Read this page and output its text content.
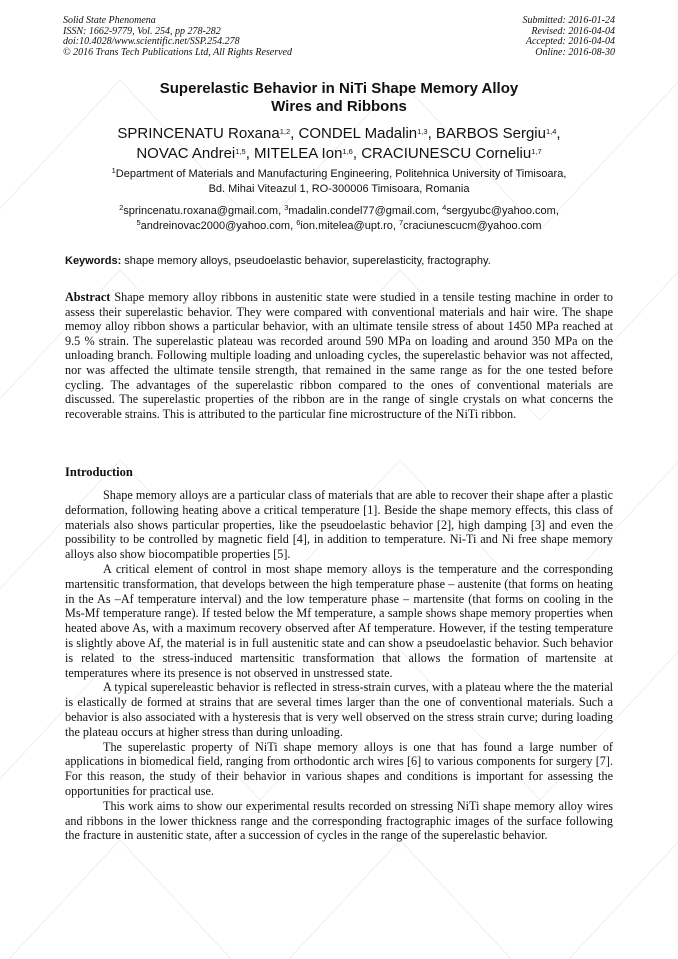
Solid State Phenomena
ISSN: 1662-9779, Vol. 254, pp 278-282
doi:10.4028/www.scientific.net/SSP.254.278
© 2016 Trans Tech Publications Ltd, All Rights Reserved
Submitted: 2016-01-24
Revised: 2016-04-04
Accepted: 2016-04-04
Online: 2016-08-30
Superelastic Behavior in NiTi Shape Memory Alloy
Wires and Ribbons
SPRINCENATU Roxana$^{1,2}$, CONDEL Madalin$^{1,3}$, BARBOS Sergiu$^{1,4}$,
NOVAC Andrei$^{1,5}$, MITELEA Ion$^{1,6}$, CRACIUNESCU Corneliu$^{1,7}$
$^1$Department of Materials and Manufacturing Engineering, Politehnica University of Timisoara,
Bd. Mihai Viteazul 1, RO-300006 Timisoara, Romania
$^2$sprincenatu.roxana@gmail.com, $^3$madalin.condel77@gmail.com, $^4$sergyubc@yahoo.com,
$^5$andreinovac2000@yahoo.com, $^6$ion.mitelea@upt.ro, $^7$craciunescucm@yahoo.com
Keywords: shape memory alloys, pseudoelastic behavior, superelasticity, fractography.
Abstract Shape memory alloy ribbons in austenitic state were studied in a tensile testing machine in order to assess their superelastic behavior. They were compared with conventional materials and hair wire. The shape memoy alloy ribbon shows a particular behavior, with an ultimate tensile stress of about 1450 MPa reached at 9.5 % strain. The superelastic plateau was recorded around 590 MPa on loading and around 350 MPa on the unloading branch. Following multiple loading and unloading cycles, the superelastic behavior was not affected, nor was affected the ultimate tensile strength, that remained in the same range as for the one tested before cycling. The advantages of the superelastic ribbon compared to the ones of conventional materials are discussed. The superelastic properties of the ribbon are in the range of single crystals on what concerns the recoverable strains. This is attributed to the particular fine microstructure of the NiTi ribbon.
Introduction

Shape memory alloys are a particular class of materials that are able to recover their shape after a plastic deformation, following heating above a critical temperature [1]. Beside the shape memory effects, this class of materials also shows particular properties, like the pseudoelastic behavior [2], high damping [3] and even the possibility to be controlled by magnetic field [4], in addition to temperature. Ni-Ti and Ni free shape memory alloys also show biocompatible properties [5].

A critical element of control in most shape memory alloys is the temperature and the corresponding martensitic transformation, that develops between the high temperature phase – austenite (that forms on heating in the As –Af temperature interval) and the low temperature phase – martensite (that forms on cooling in the Ms-Mf temperature range). If tested below the Mf temperature, a sample shows shape memory properties when heated above As, with a maximum recovery observed after Af temperature. However, if the testing temperature is slightly above Af, the material is in full austenitic state and can show a pseudoelastic behavior. Such behavior is related to the stress-induced martensitic transformation that allows the formation of martensite at temperatures where its presence is not observed in unstressed state.

A typical supereleastic behavior is reflected in stress-strain curves, with a plateau where the the material is elastically de formed at strains that are several times larger than the one of conventional materials. Such a behavior is also associated with a hysteresis that is very well observed on the stress strain curve; during loading the plateau occurs at higher stress than during unloading.

The superelastic property of NiTi shape memory alloys is one that has found a large number of applications in biomedical field, ranging from orthodontic arch wires [6] to various components for surgery [7]. For this reason, the study of their behavior in various shapes and conditions is important for assessing the opportunities for practical use.

This work aims to show our experimental results recorded on stressing NiTi shape memory alloy wires and ribbons in the lower thickness range and the corresponding fractographic images of the surface following the fracture in austenitic state, after a succession of cycles in the range of the superelastic behavior.
